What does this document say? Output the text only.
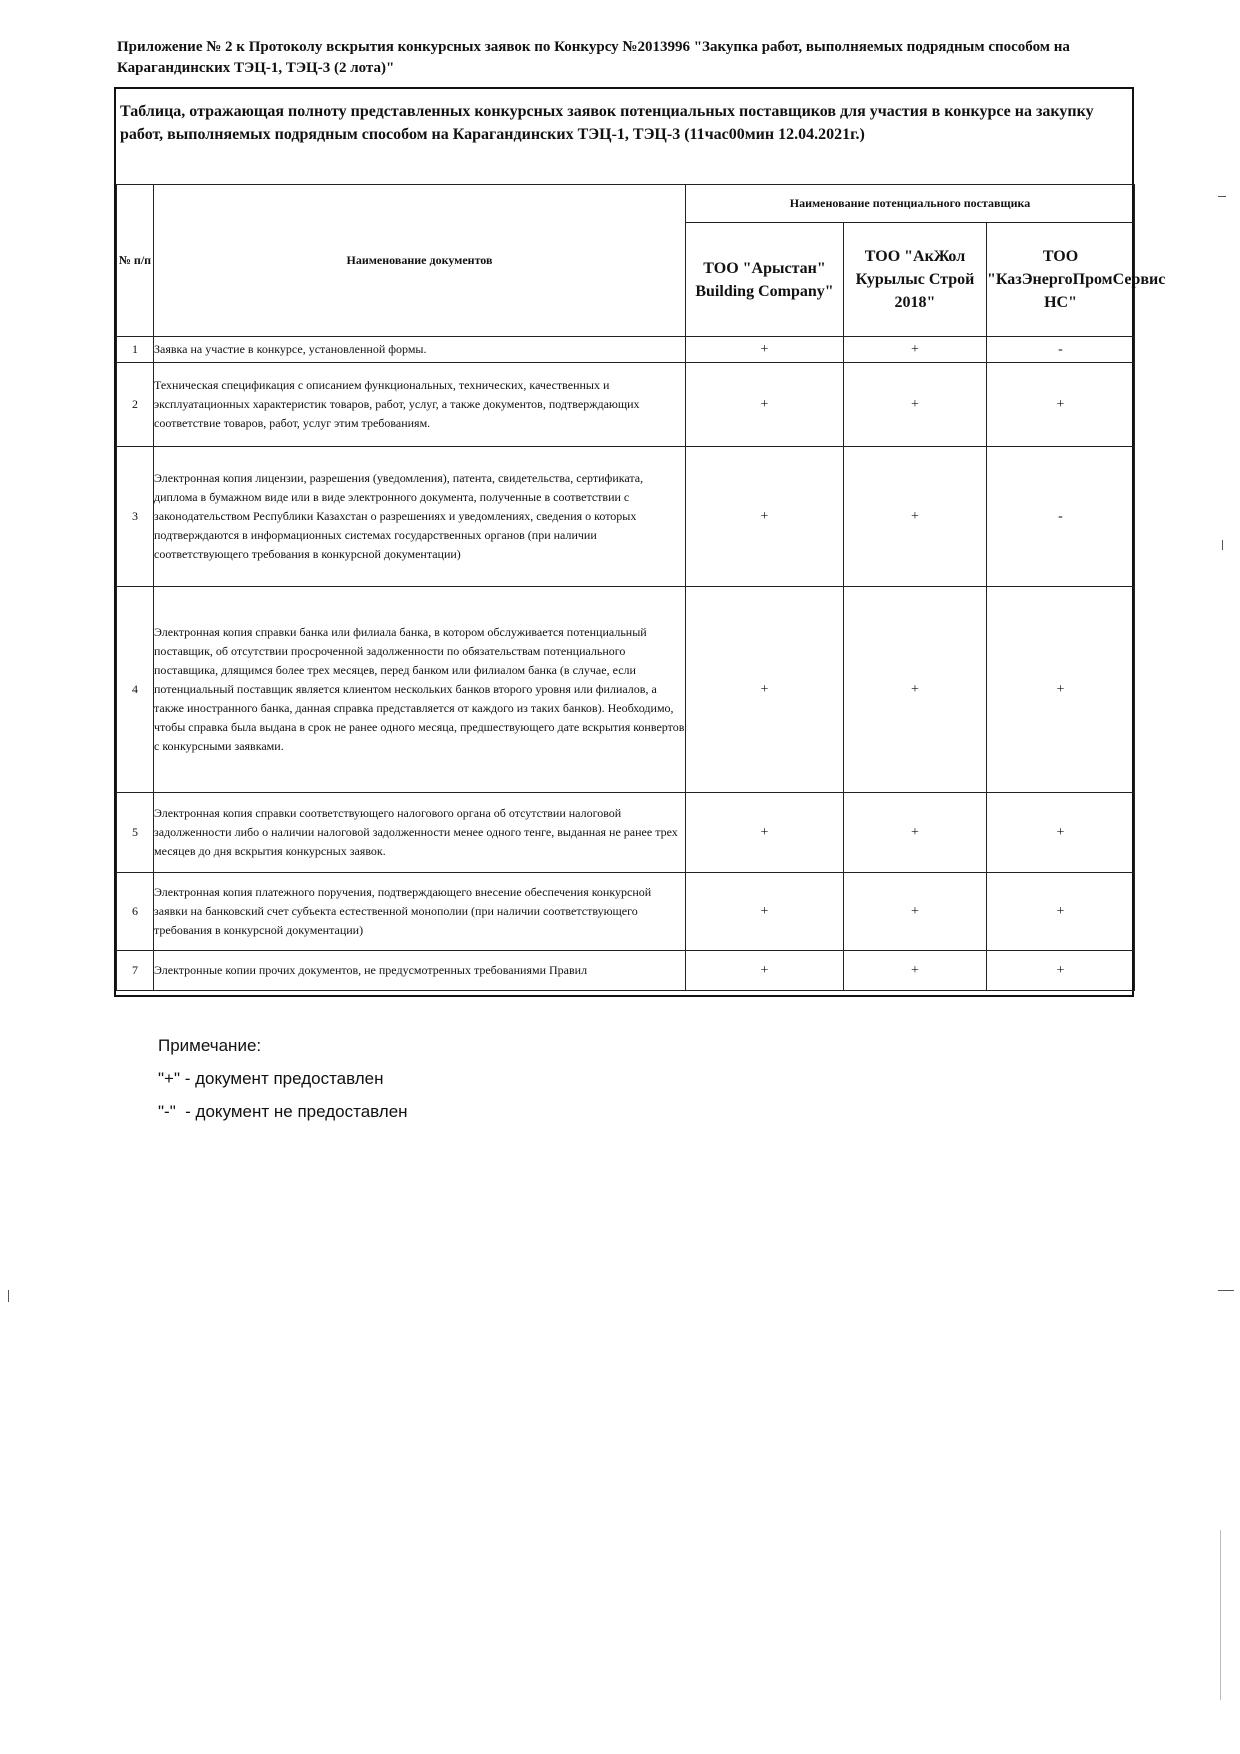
Приложение № 2 к Протоколу вскрытия конкурсных заявок по Конкурсу №2013996 "Закупка работ, выполняемых подрядным способом на Карагандинских ТЭЦ-1, ТЭЦ-3 (2 лота)"
Таблица, отражающая полноту представленных конкурсных заявок потенциальных поставщиков для участия в конкурсе на закупку работ, выполняемых подрядным способом на Карагандинских ТЭЦ-1, ТЭЦ-3 (11час00мин 12.04.2021г.)
№ п/п	Наименование документов	Наименование потенциального поставщика		
		ТОО "Арыстан" Building Company"	ТОО "АкЖол Курылыс Строй 2018"	ТОО "КазЭнергоПромСервис НС"
1	Заявка на участие в конкурсе, установленной формы.	+	+	-
2	Техническая спецификация с описанием функциональных, технических, качественных и эксплуатационных характеристик товаров, работ, услуг, а также документов, подтверждающих соответствие товаров, работ, услуг этим требованиям.	+	+	+
3	Электронная копия лицензии, разрешения (уведомления), патента, свидетельства, сертификата, диплома в бумажном виде или в виде электронного документа, полученные в соответствии с законодательством Республики Казахстан о разрешениях и уведомлениях, сведения о которых подтверждаются в информационных системах государственных органов (при наличии соответствующего требования в конкурсной документации)	+	+	-
4	Электронная копия справки банка или филиала банка, в котором обслуживается потенциальный поставщик, об отсутствии просроченной задолженности по обязательствам потенциального поставщика, длящимся более трех месяцев, перед банком или филиалом банка (в случае, если потенциальный поставщик является клиентом нескольких банков второго уровня или филиалов, а также иностранного банка, данная справка представляется от каждого из таких банков). Необходимо, чтобы справка была выдана в срок не ранее одного месяца, предшествующего дате вскрытия конвертов с конкурсными заявками.	+	+	+
5	Электронная копия справки соответствующего налогового органа об отсутствии налоговой задолженности либо о наличии налоговой задолженности менее одного тенге, выданная не ранее трех месяцев до дня вскрытия конкурсных заявок.	+	+	+
6	Электронная копия платежного поручения, подтверждающего внесение обеспечения конкурсной заявки на банковский счет субъекта естественной монополии (при наличии соответствующего требования в конкурсной документации)	+	+	+
7	Электронные копии прочих документов, не предусмотренных требованиями Правил	+	+	+
Примечание:
"+" - документ предоставлен
"-"  - документ не предоставлен
